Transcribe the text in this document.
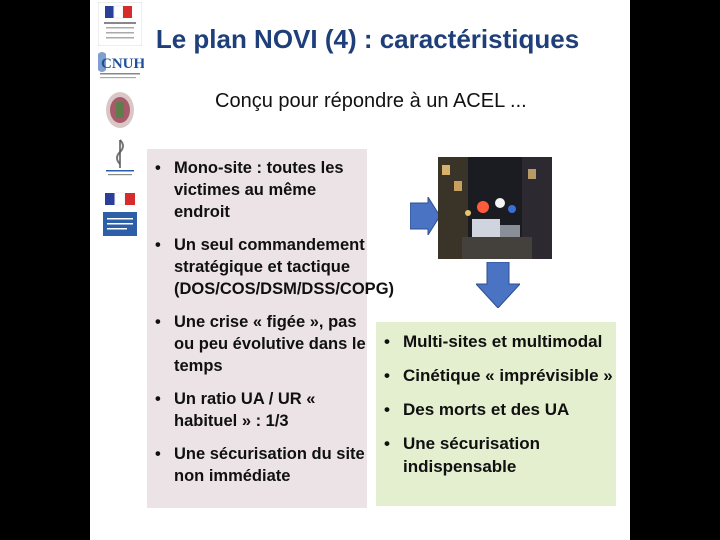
CNUH
Le plan NOVI (4) : caractéristiques
Conçu pour répondre à un ACEL ...
• Mono-site : toutes les victimes au même endroit
• Un seul commandement stratégique et tactique (DOS/COS/DSM/DSS/COPG)
• Une crise « figée », pas ou peu évolutive dans le temps
• Un ratio UA / UR « habituel » : 1/3
• Une sécurisation du site non immédiate
• Multi-sites et multimodal
• Cinétique « imprévisible »
• Des morts et des UA
• Une sécurisation indispensable
